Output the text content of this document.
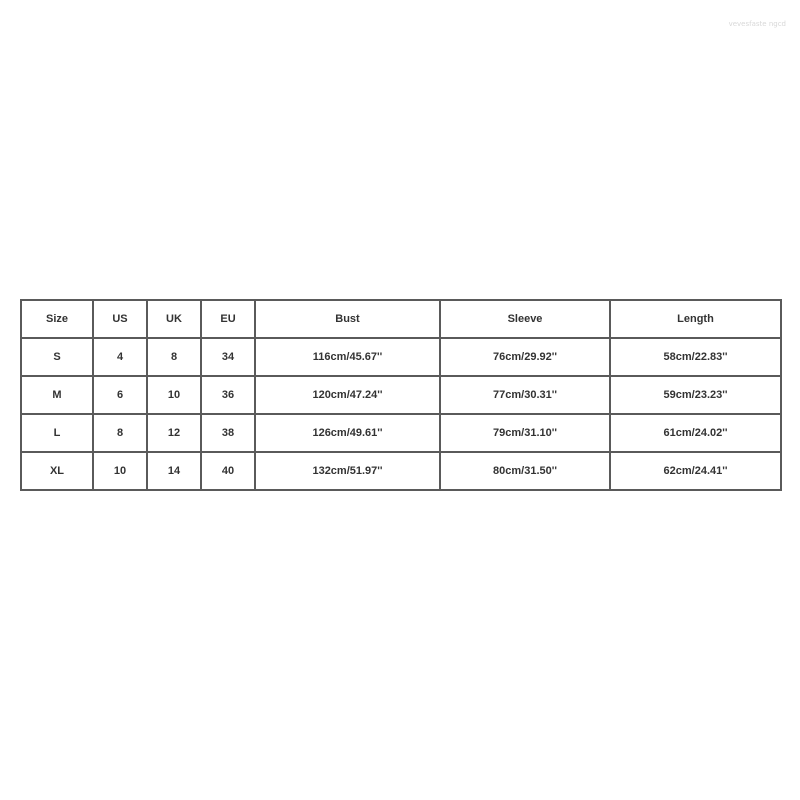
vevesfaste ngcd
Size	US	UK	EU	Bust	Sleeve	Length
S	4	8	34	116cm/45.67''	76cm/29.92''	58cm/22.83''
M	6	10	36	120cm/47.24''	77cm/30.31''	59cm/23.23''
L	8	12	38	126cm/49.61''	79cm/31.10''	61cm/24.02''
XL	10	14	40	132cm/51.97''	80cm/31.50''	62cm/24.41''
